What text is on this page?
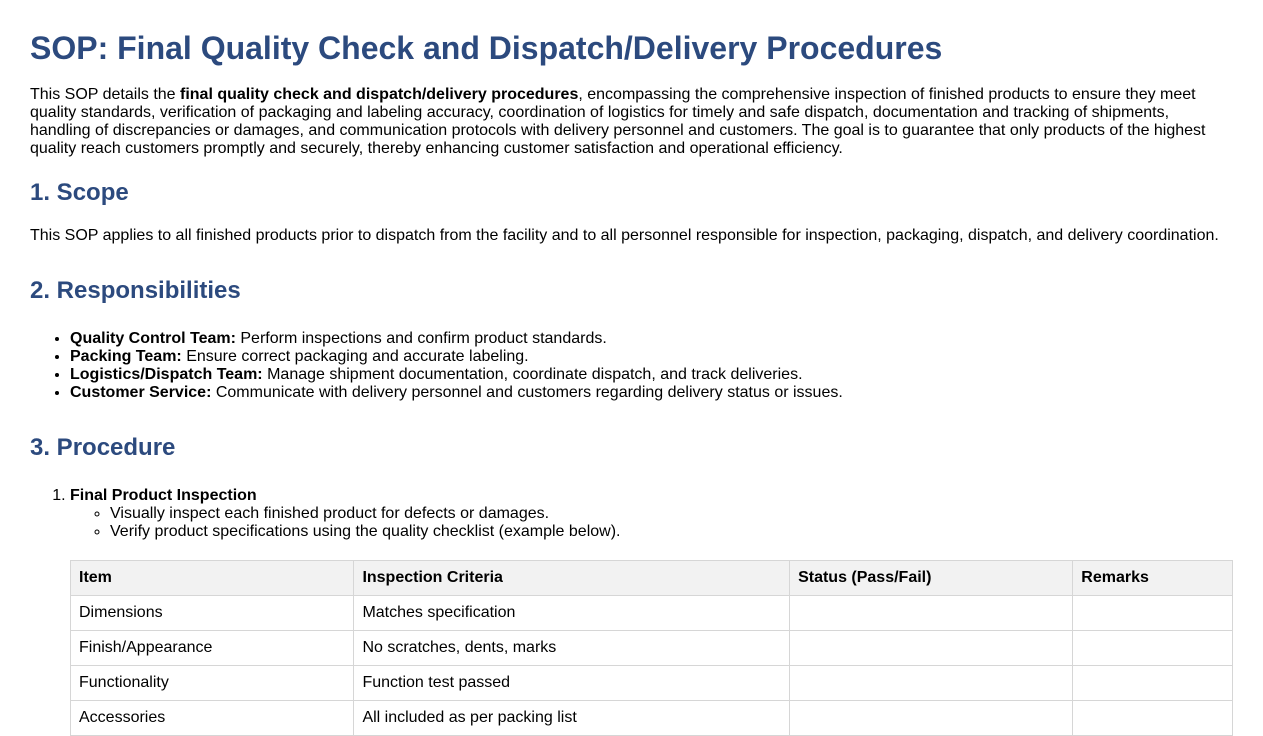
SOP: Final Quality Check and Dispatch/Delivery Procedures

This SOP details the final quality check and dispatch/delivery procedures, encompassing the comprehensive inspection of finished products to ensure they meet quality standards, verification of packaging and labeling accuracy, coordination of logistics for timely and safe dispatch, documentation and tracking of shipments, handling of discrepancies or damages, and communication protocols with delivery personnel and customers. The goal is to guarantee that only products of the highest quality reach customers promptly and securely, thereby enhancing customer satisfaction and operational efficiency.

1. Scope

This SOP applies to all finished products prior to dispatch from the facility and to all personnel responsible for inspection, packaging, dispatch, and delivery coordination.

2. Responsibilities
• Quality Control Team: Perform inspections and confirm product standards.
• Packing Team: Ensure correct packaging and accurate labeling.
• Logistics/Dispatch Team: Manage shipment documentation, coordinate dispatch, and track deliveries.
• Customer Service: Communicate with delivery personnel and customers regarding delivery status or issues.
3. Procedure
1. Final Product Inspection
◦ Visually inspect each finished product for defects or damages.
◦ Verify product specifications using the quality checklist (example below).
Item	Inspection Criteria	Status (Pass/Fail)	Remarks
Dimensions	Matches specification		
Finish/Appearance	No scratches, dents, marks		
Functionality	Function test passed		
Accessories	All included as per packing list		
